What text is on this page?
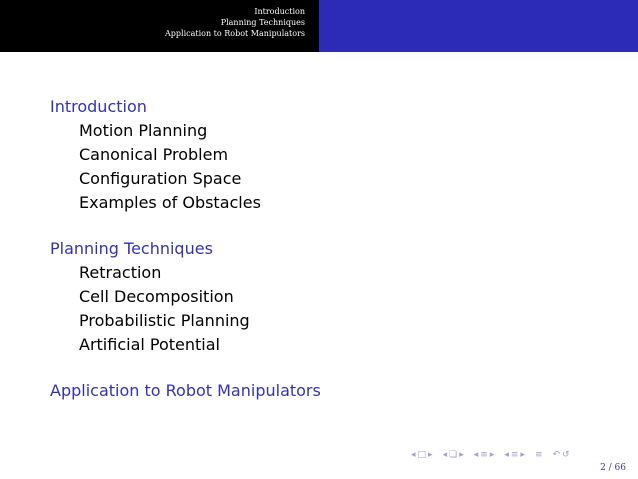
Introduction
Planning Techniques
Application to Robot Manipulators
Introduction
Motion Planning
Canonical Problem
Configuration Space
Examples of Obstacles
Planning Techniques
Retraction
Cell Decomposition
Probabilistic Planning
Artificial Potential
Application to Robot Manipulators
◂ □ ▸ ◂ ❏ ▸ ◂ ≡ ▸ ◂ ≡ ▸ ≡ ↶ ↺
2 / 66
